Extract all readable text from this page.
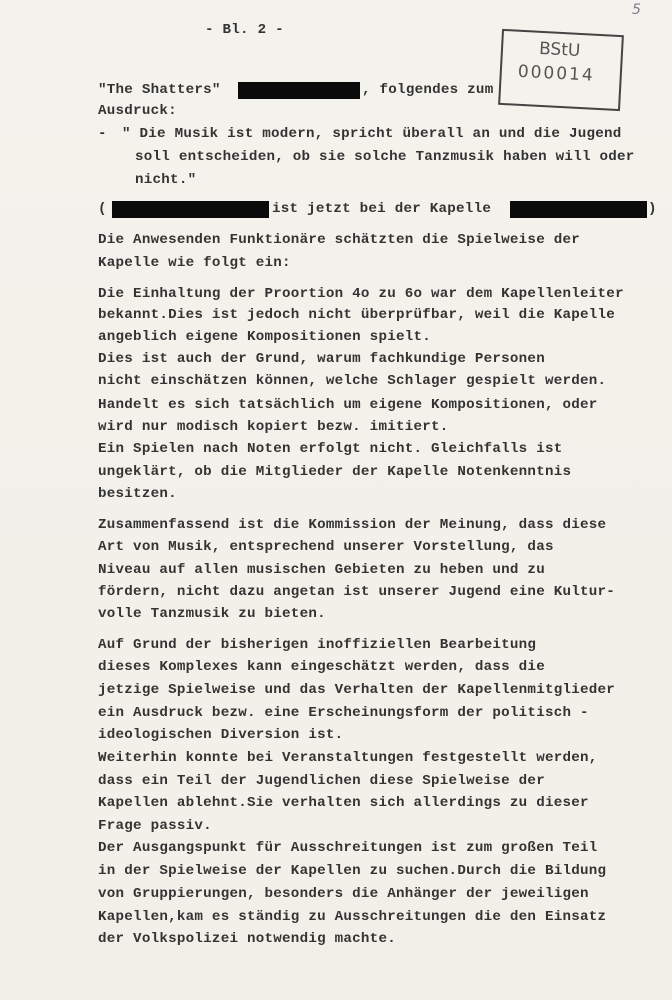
5
- Bl. 2 -
BStU
000014
"The Shatters"	, folgendes zum
Ausdruck:
- " Die Musik ist modern, spricht überall an und die Jugend
soll entscheiden, ob sie solche Tanzmusik haben will oder
nicht."
(	ist jetzt bei der Kapelle	)
Die Anwesenden Funktionäre schätzten die Spielweise der
Kapelle wie folgt ein:
Die Einhaltung der Proortion 4o zu 6o war dem Kapellenleiter
bekannt.Dies ist jedoch nicht überprüfbar, weil die Kapelle
angeblich eigene Kompositionen spielt.
Dies ist auch der Grund, warum fachkundige Personen
nicht einschätzen können, welche Schlager gespielt werden.
Handelt es sich tatsächlich um eigene Kompositionen, oder
wird nur modisch kopiert bezw. imitiert.
Ein Spielen nach Noten erfolgt nicht. Gleichfalls ist
ungeklärt, ob die Mitglieder der Kapelle Notenkenntnis
besitzen.
Zusammenfassend ist die Kommission der Meinung, dass diese
Art von Musik, entsprechend unserer Vorstellung, das
Niveau auf allen musischen Gebieten zu heben und zu
fördern, nicht dazu angetan ist unserer Jugend eine Kultur-
volle Tanzmusik zu bieten.
Auf Grund der bisherigen inoffiziellen Bearbeitung
dieses Komplexes kann eingeschätzt werden, dass die
jetzige Spielweise und das Verhalten der Kapellenmitglieder
ein Ausdruck bezw. eine Erscheinungsform der politisch -
ideologischen Diversion ist.
Weiterhin konnte bei Veranstaltungen festgestellt werden,
dass ein Teil der Jugendlichen diese Spielweise der
Kapellen ablehnt.Sie verhalten sich allerdings zu dieser
Frage passiv.
Der Ausgangspunkt für Ausschreitungen ist zum großen Teil
in der Spielweise der Kapellen zu suchen.Durch die Bildung
von Gruppierungen, besonders die Anhänger der jeweiligen
Kapellen,kam es ständig zu Ausschreitungen die den Einsatz
der Volkspolizei notwendig machte.
